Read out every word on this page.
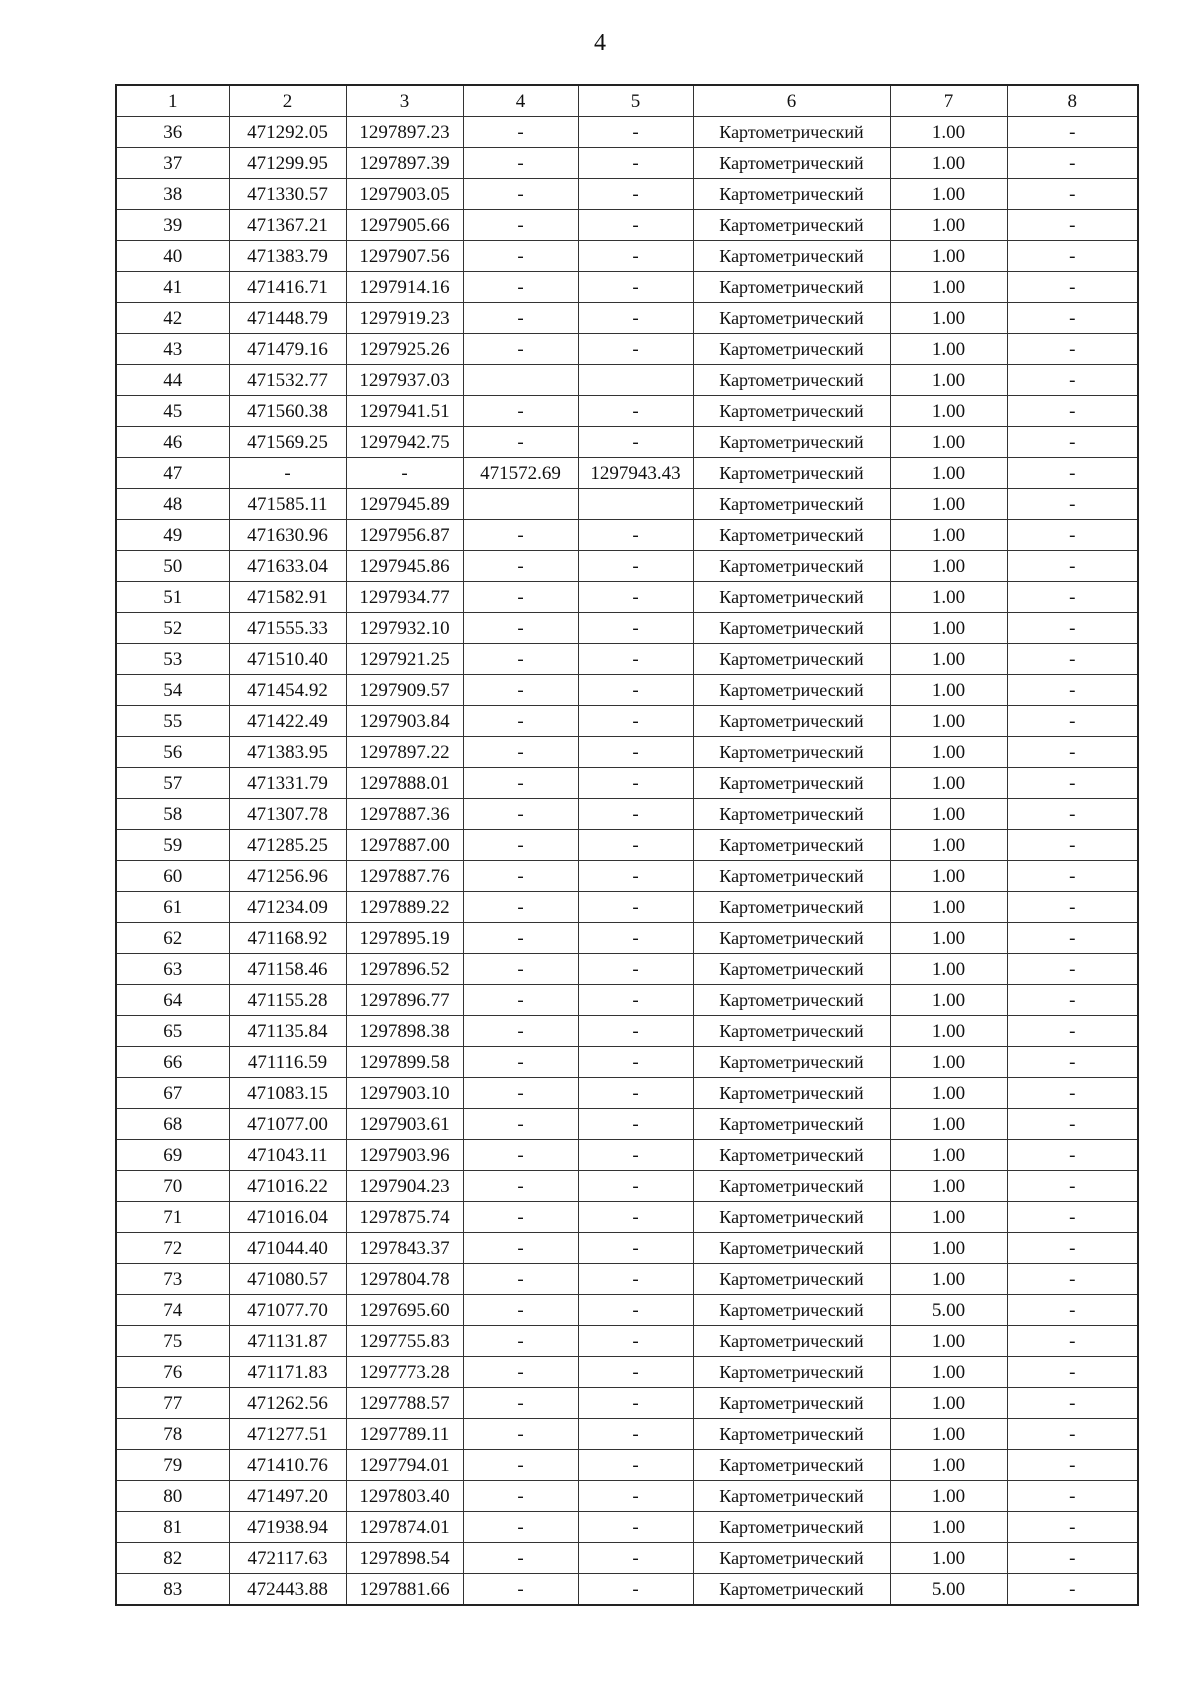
4
1	2	3	4	5	6	7	8
36	471292.05	1297897.23	-	-	Картометрический	1.00	-
37	471299.95	1297897.39	-	-	Картометрический	1.00	-
38	471330.57	1297903.05	-	-	Картометрический	1.00	-
39	471367.21	1297905.66	-	-	Картометрический	1.00	-
40	471383.79	1297907.56	-	-	Картометрический	1.00	-
41	471416.71	1297914.16	-	-	Картометрический	1.00	-
42	471448.79	1297919.23	-	-	Картометрический	1.00	-
43	471479.16	1297925.26	-	-	Картометрический	1.00	-
44	471532.77	1297937.03			Картометрический	1.00	-
45	471560.38	1297941.51	-	-	Картометрический	1.00	-
46	471569.25	1297942.75	-	-	Картометрический	1.00	-
47	-	-	471572.69	1297943.43	Картометрический	1.00	-
48	471585.11	1297945.89			Картометрический	1.00	-
49	471630.96	1297956.87	-	-	Картометрический	1.00	-
50	471633.04	1297945.86	-	-	Картометрический	1.00	-
51	471582.91	1297934.77	-	-	Картометрический	1.00	-
52	471555.33	1297932.10	-	-	Картометрический	1.00	-
53	471510.40	1297921.25	-	-	Картометрический	1.00	-
54	471454.92	1297909.57	-	-	Картометрический	1.00	-
55	471422.49	1297903.84	-	-	Картометрический	1.00	-
56	471383.95	1297897.22	-	-	Картометрический	1.00	-
57	471331.79	1297888.01	-	-	Картометрический	1.00	-
58	471307.78	1297887.36	-	-	Картометрический	1.00	-
59	471285.25	1297887.00	-	-	Картометрический	1.00	-
60	471256.96	1297887.76	-	-	Картометрический	1.00	-
61	471234.09	1297889.22	-	-	Картометрический	1.00	-
62	471168.92	1297895.19	-	-	Картометрический	1.00	-
63	471158.46	1297896.52	-	-	Картометрический	1.00	-
64	471155.28	1297896.77	-	-	Картометрический	1.00	-
65	471135.84	1297898.38	-	-	Картометрический	1.00	-
66	471116.59	1297899.58	-	-	Картометрический	1.00	-
67	471083.15	1297903.10	-	-	Картометрический	1.00	-
68	471077.00	1297903.61	-	-	Картометрический	1.00	-
69	471043.11	1297903.96	-	-	Картометрический	1.00	-
70	471016.22	1297904.23	-	-	Картометрический	1.00	-
71	471016.04	1297875.74	-	-	Картометрический	1.00	-
72	471044.40	1297843.37	-	-	Картометрический	1.00	-
73	471080.57	1297804.78	-	-	Картометрический	1.00	-
74	471077.70	1297695.60	-	-	Картометрический	5.00	-
75	471131.87	1297755.83	-	-	Картометрический	1.00	-
76	471171.83	1297773.28	-	-	Картометрический	1.00	-
77	471262.56	1297788.57	-	-	Картометрический	1.00	-
78	471277.51	1297789.11	-	-	Картометрический	1.00	-
79	471410.76	1297794.01	-	-	Картометрический	1.00	-
80	471497.20	1297803.40	-	-	Картометрический	1.00	-
81	471938.94	1297874.01	-	-	Картометрический	1.00	-
82	472117.63	1297898.54	-	-	Картометрический	1.00	-
83	472443.88	1297881.66	-	-	Картометрический	5.00	-
